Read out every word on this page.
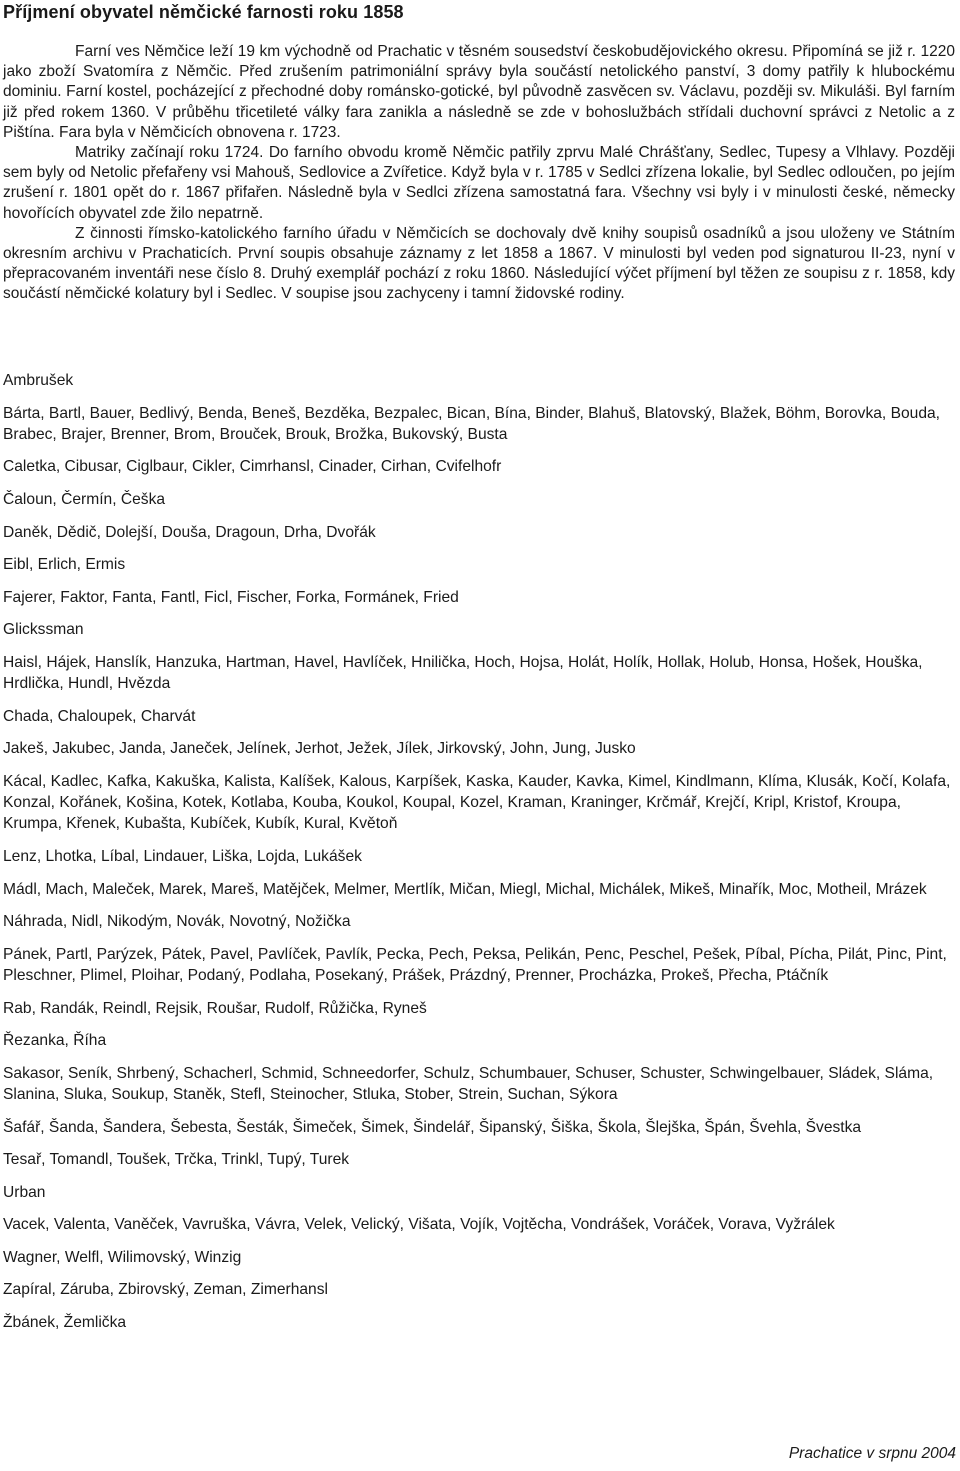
Příjmení obyvatel němčické farnosti roku 1858

Farní ves Němčice leží 19 km východně od Prachatic v těsném sousedství českobudějovického okresu. Připomíná se již r. 1220 jako zboží Svatomíra z Němčic. Před zrušením patrimoniální správy byla součástí netolického panství, 3 domy patřily k hlubockému dominiu. Farní kostel, pocházející z přechodné doby románsko-gotické, byl původně zasvěcen sv. Václavu, později sv. Mikuláši. Byl farním již před rokem 1360. V průběhu třicetileté války fara zanikla a následně se zde v bohoslužbách střídali duchovní správci z Netolic a z Pištína. Fara byla v Němčicích obnovena r. 1723.

Matriky začínají roku 1724. Do farního obvodu kromě Němčic patřily zprvu Malé Chrášťany, Sedlec, Tupesy a Vlhlavy. Později sem byly od Netolic přefařeny vsi Mahouš, Sedlovice a Zvířetice. Když byla v r. 1785 v Sedlci zřízena lokalie, byl Sedlec odloučen, po jejím zrušení r. 1801 opět do r. 1867 přifařen. Následně byla v Sedlci zřízena samostatná fara. Všechny vsi byly i v minulosti české, německy hovořících obyvatel zde žilo nepatrně.

Z činnosti římsko-katolického farního úřadu v Němčicích se dochovaly dvě knihy soupisů osadníků a jsou uloženy ve Státním okresním archivu v Prachaticích. První soupis obsahuje záznamy z let 1858 a 1867. V minulosti byl veden pod signaturou II-23, nyní v přepracovaném inventáři nese číslo 8. Druhý exemplář pochází z roku 1860. Následující výčet příjmení byl těžen ze soupisu z r. 1858, kdy součástí němčické kolatury byl i Sedlec. V soupise jsou zachyceny i tamní židovské rodiny.

Ambrušek

Bárta, Bartl, Bauer, Bedlivý, Benda, Beneš, Bezděka, Bezpalec, Bican, Bína, Binder, Blahuš, Blatovský, Blažek, Böhm, Borovka, Bouda, Brabec, Brajer, Brenner, Brom, Brouček, Brouk, Brožka, Bukovský, Busta

Caletka, Cibusar, Ciglbaur, Cikler, Cimrhansl, Cinader, Cirhan, Cvifelhofr

Čaloun, Čermín, Češka

Daněk, Dědič, Dolejší, Douša, Dragoun, Drha, Dvořák

Eibl, Erlich, Ermis

Fajerer, Faktor, Fanta, Fantl, Ficl, Fischer, Forka, Formánek, Fried

Glickssman

Haisl, Hájek, Hanslík, Hanzuka, Hartman, Havel, Havlíček, Hnilička, Hoch, Hojsa, Holát, Holík, Hollak, Holub, Honsa, Hošek, Houška, Hrdlička, Hundl, Hvězda

Chada, Chaloupek, Charvát

Jakeš, Jakubec, Janda, Janeček, Jelínek, Jerhot, Ježek, Jílek, Jirkovský, John, Jung, Jusko

Kácal, Kadlec, Kafka, Kakuška, Kalista, Kalíšek, Kalous, Karpíšek, Kaska, Kauder, Kavka, Kimel, Kindlmann, Klíma, Klusák, Kočí, Kolafa, Konzal, Kořánek, Košina, Kotek, Kotlaba, Kouba, Koukol, Koupal, Kozel, Kraman, Kraninger, Krčmář, Krejčí, Kripl, Kristof, Kroupa, Krumpa, Křenek, Kubašta, Kubíček, Kubík, Kural, Květoň

Lenz, Lhotka, Líbal, Lindauer, Liška, Lojda, Lukášek

Mádl, Mach, Maleček, Marek, Mareš, Matějček, Melmer, Mertlík, Mičan, Miegl, Michal, Michálek, Mikeš, Minařík, Moc, Motheil, Mrázek

Náhrada, Nidl, Nikodým, Novák, Novotný, Nožička

Pánek, Partl, Parýzek, Pátek, Pavel, Pavlíček, Pavlík, Pecka, Pech, Peksa, Pelikán, Penc, Peschel, Pešek, Píbal, Pícha, Pilát, Pinc, Pint, Pleschner, Plimel, Ploihar, Podaný, Podlaha, Posekaný, Prášek, Prázdný, Prenner, Procházka, Prokeš, Přecha, Ptáčník

Rab, Randák, Reindl, Rejsik, Roušar, Rudolf, Růžička, Ryneš

Řezanka, Říha

Sakasor, Seník, Shrbený, Schacherl, Schmid, Schneedorfer, Schulz, Schumbauer, Schuser, Schuster, Schwingelbauer, Sládek, Sláma, Slanina, Sluka, Soukup, Staněk, Stefl, Steinocher, Stluka, Stober, Strein, Suchan, Sýkora

Šafář, Šanda, Šandera, Šebesta, Šesták, Šimeček, Šimek, Šindelář, Šipanský, Šiška, Škola, Šlejška, Špán, Švehla, Švestka

Tesař, Tomandl, Toušek, Trčka, Trinkl, Tupý, Turek

Urban

Vacek, Valenta, Vaněček, Vavruška, Vávra, Velek, Velický, Višata, Vojík, Vojtěcha, Vondrášek, Voráček, Vorava, Vyžrálek

Wagner, Welfl, Wilimovský, Winzig

Zapíral, Záruba, Zbirovský, Zeman, Zimerhansl

Žbánek, Žemlička

Prachatice v srpnu 2004
